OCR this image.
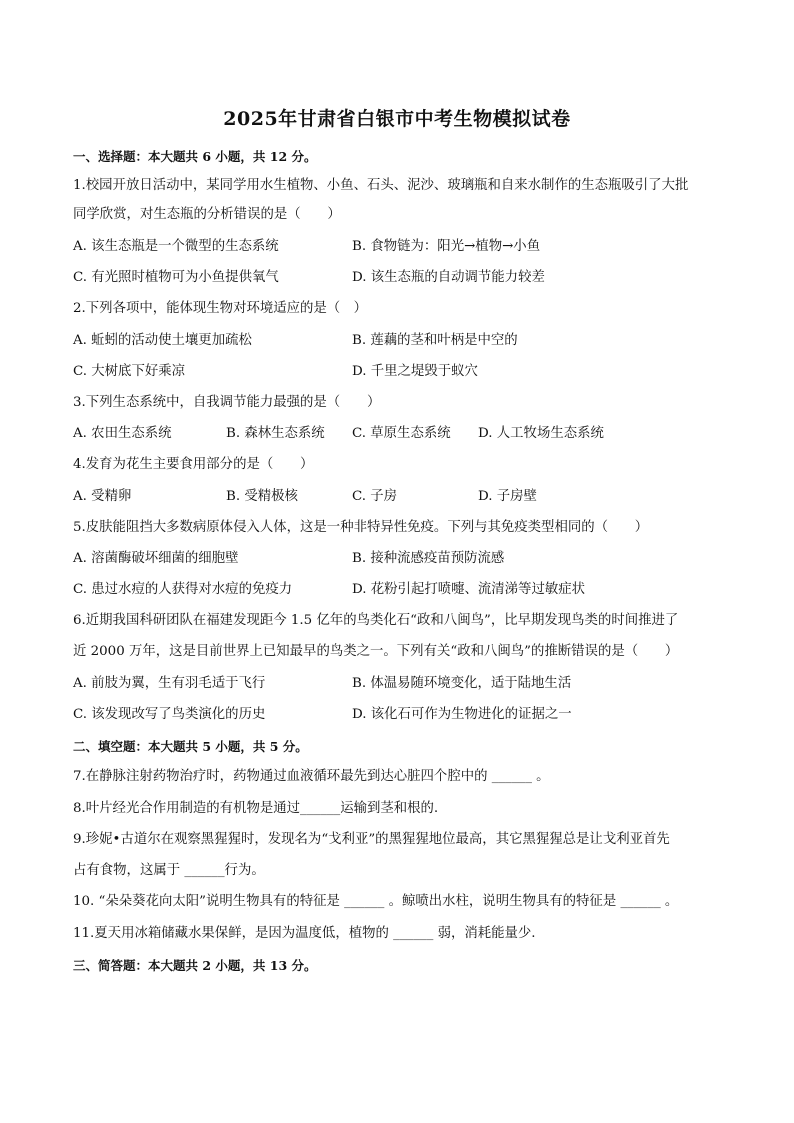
2025年甘肃省白银市中考生物模拟试卷
一、选择题：本大题共 6 小题，共 12 分。
1.校园开放日活动中，某同学用水生植物、小鱼、石头、泥沙、玻璃瓶和自来水制作的生态瓶吸引了大批
同学欣赏，对生态瓶的分析错误的是（　　）
A. 该生态瓶是一个微型的生态系统	B. 食物链为：阳光→植物→小鱼
C. 有光照时植物可为小鱼提供氧气	D. 该生态瓶的自动调节能力较差
2.下列各项中，能体现生物对环境适应的是（　）
A. 蚯蚓的活动使土壤更加疏松	B. 莲藕的茎和叶柄是中空的
C. 大树底下好乘凉	D. 千里之堤毁于蚁穴
3.下列生态系统中，自我调节能力最强的是（　　）
A. 农田生态系统	B. 森林生态系统 C. 草原生态系统 D. 人工牧场生态系统
4.发育为花生主要食用部分的是（　　）
A. 受精卵	B. 受精极核	C. 子房	D. 子房壁
5.皮肤能阻挡大多数病原体侵入人体，这是一种非特异性免疫。下列与其免疫类型相同的（　　）
A. 溶菌酶破坏细菌的细胞壁	B. 接种流感疫苗预防流感
C. 患过水痘的人获得对水痘的免疫力	D. 花粉引起打喷嚏、流清涕等过敏症状
6.近期我国科研团队在福建发现距今 1.5 亿年的鸟类化石“政和八闽鸟”，比早期发现鸟类的时间推进了
近 2000 万年，这是目前世界上已知最早的鸟类之一。下列有关“政和八闽鸟”的推断错误的是（　　）
A. 前肢为翼，生有羽毛适于飞行	B. 体温易随环境变化，适于陆地生活
C. 该发现改写了鸟类演化的历史	D. 该化石可作为生物进化的证据之一
二、填空题：本大题共 5 小题，共 5 分。
7.在静脉注射药物治疗时，药物通过血液循环最先到达心脏四个腔中的 ______ 。
8.叶片经光合作用制造的有机物是通过______运输到茎和根的.
9.珍妮•古道尔在观察黑猩猩时，发现名为“戈利亚”的黑猩猩地位最高，其它黑猩猩总是让戈利亚首先
占有食物，这属于 ______行为。
10. “朵朵葵花向太阳”说明生物具有的特征是 ______ 。鲸喷出水柱，说明生物具有的特征是 ______ 。
11.夏天用冰箱储藏水果保鲜，是因为温度低，植物的 ______ 弱，消耗能量少.
三、简答题：本大题共 2 小题，共 13 分。
